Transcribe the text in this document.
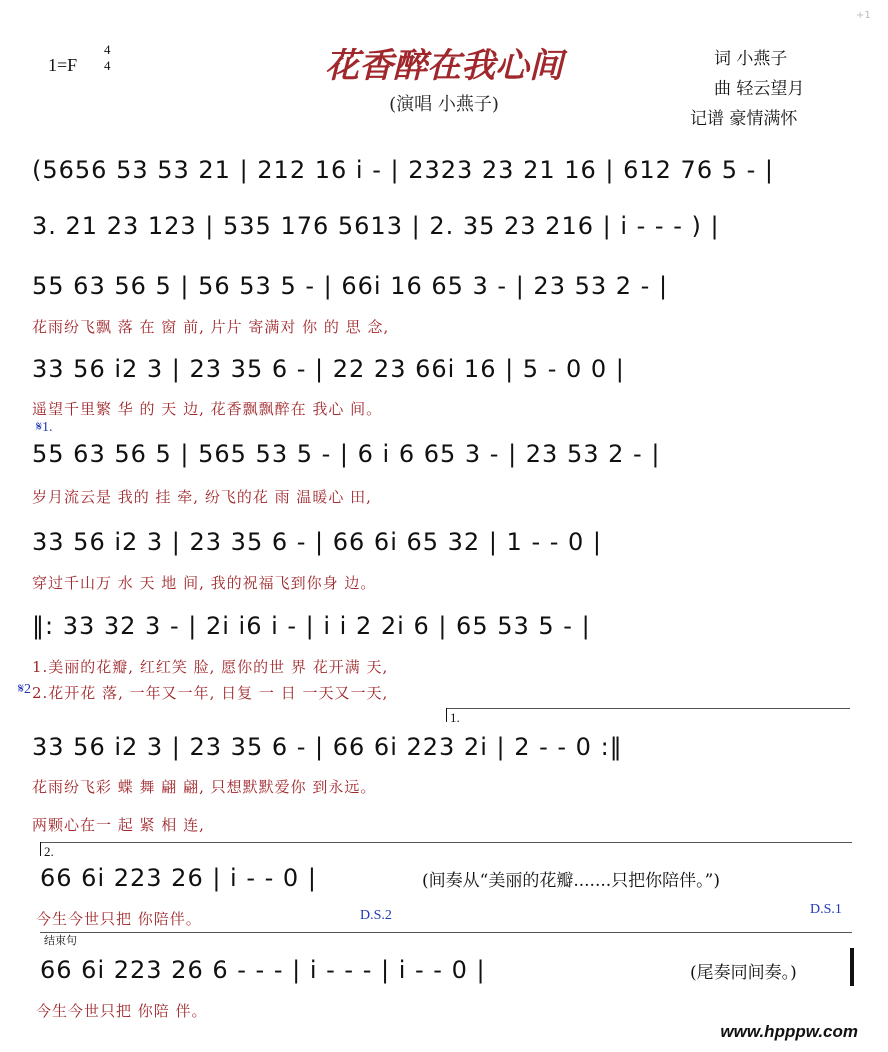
+1
1=F
4
4	花香醉在我心间
(演唱 小燕子)
词 小燕子
曲 轻云望月
记谱 豪情满怀
(5656 53 53 21 | 212 16 i - | 2323 23 21 16 | 612 76 5 - |
3. 21 23 123 | 535 176 5613 | 2. 35 23 216 | i - - - ) |
55 63 56 5 | 56 53 5 - | 66i 16 65 3 - | 23 53 2 - |
花雨纷飞飘 落 在 窗 前, 片片 寄满对 你 的 思 念,
33 56 i2 3 | 23 35 6 - | 22 23 66i 16 | 5 - 0 0 |
遥望千里繁 华 的 天 边, 花香飘飘醉在 我心 间。
𝄋1.
55 63 56 5 | 565 53 5 - | 6 i 6 65 3 - | 23 53 2 - |
岁月流云是 我的 挂 牵, 纷飞的花 雨 温暖心 田,
33 56 i2 3 | 23 35 6 - | 66 6i 65 32 | 1 - - 0 |
穿过千山万 水 天 地 间, 我的祝福飞到你身 边。
‖: 33 32 3 - | 2i i6 i - | i i 2 2i 6 | 65 53 5 - |
1.美丽的花瓣, 红红笑 脸, 愿你的世 界 花开满 天,
𝄋2 2.花开花 落, 一年又一年, 日复 一 日 一天又一天,
1.
33 56 i2 3 | 23 35 6 - | 66 6i 223 2i | 2 - - 0 :‖
花雨纷飞彩 蝶 舞 翩 翩, 只想默默爱你 到永远。
两颗心在一 起 紧 相 连,
2.
66 6i 223 26 | i - - 0 |	(间奏从“美丽的花瓣.......只把你陪伴。”)
今生今世只把 你陪伴。	D.S.2	D.S.1
结束句
66 6i 223 26 6 - - - | i - - - | i - - 0 |	(尾奏同间奏。)
今生今世只把 你陪 伴。
www.hpppw.com
